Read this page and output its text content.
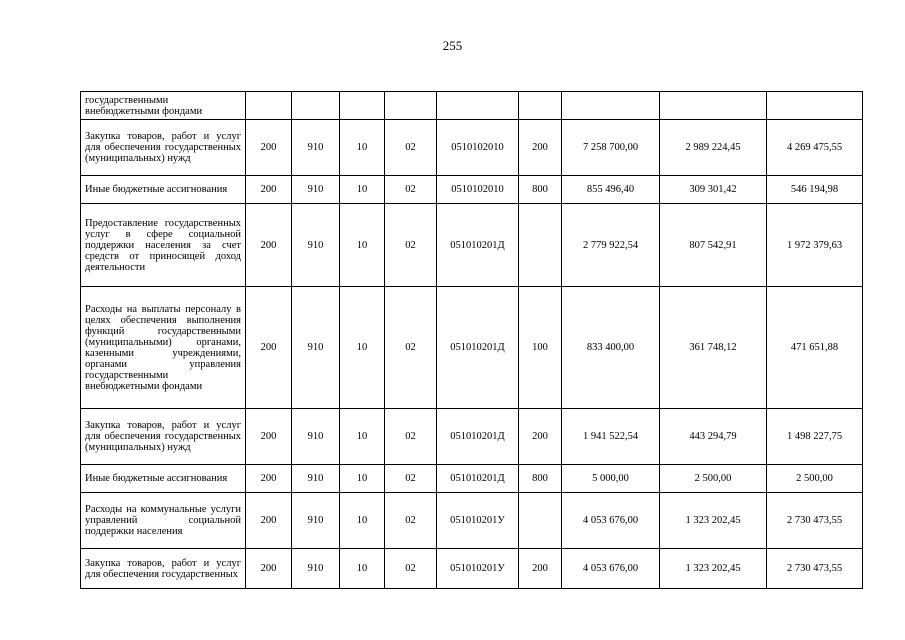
255
государственными внебюджетными фондами									
Закупка товаров, работ и услуг для обеспечения государственных (муниципальных) нужд	200	910	10	02	0510102010	200	7 258 700,00	2 989 224,45	4 269 475,55
Иные бюджетные ассигнования	200	910	10	02	0510102010	800	855 496,40	309 301,42	546 194,98
Предоставление государственных услуг в сфере социальной поддержки населения за счет средств от приносящей доход деятельности	200	910	10	02	051010201Д		2 779 922,54	807 542,91	1 972 379,63
Расходы на выплаты персоналу в целях обеспечения выполнения функций государственными (муниципальными) органами, казенными учреждениями, органами управления государственными внебюджетными фондами	200	910	10	02	051010201Д	100	833 400,00	361 748,12	471 651,88
Закупка товаров, работ и услуг для обеспечения государственных (муниципальных) нужд	200	910	10	02	051010201Д	200	1 941 522,54	443 294,79	1 498 227,75
Иные бюджетные ассигнования	200	910	10	02	051010201Д	800	5 000,00	2 500,00	2 500,00
Расходы на коммунальные услуги управлений социальной поддержки населения	200	910	10	02	051010201У		4 053 676,00	1 323 202,45	2 730 473,55
Закупка товаров, работ и услуг для обеспечения государственных	200	910	10	02	051010201У	200	4 053 676,00	1 323 202,45	2 730 473,55
